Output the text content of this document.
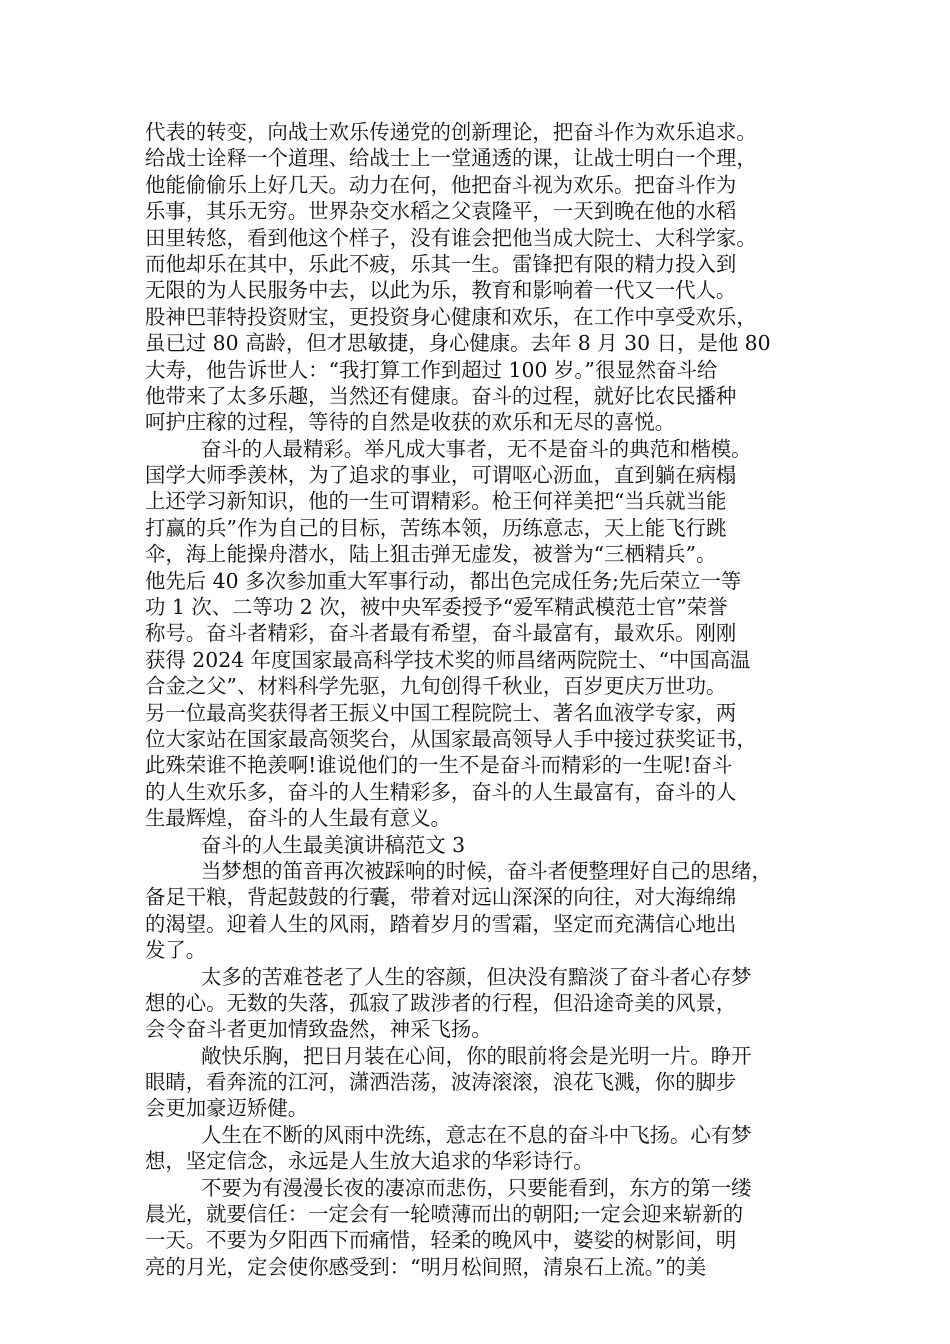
代表的转变，向战士欢乐传递党的创新理论，把奋斗作为欢乐追求。
给战士诠释一个道理、给战士上一堂通透的课，让战士明白一个理，
他能偷偷乐上好几天。动力在何，他把奋斗视为欢乐。把奋斗作为
乐事，其乐无穷。世界杂交水稻之父袁隆平，一天到晚在他的水稻
田里转悠，看到他这个样子，没有谁会把他当成大院士、大科学家。
而他却乐在其中，乐此不疲，乐其一生。雷锋把有限的精力投入到
无限的为人民服务中去，以此为乐，教育和影响着一代又一代人。
股神巴菲特投资财宝，更投资身心健康和欢乐，在工作中享受欢乐，
虽已过 80 高龄，但才思敏捷，身心健康。去年 8 月 30 日，是他 80
大寿，他告诉世人：“我打算工作到超过 100 岁。”很显然奋斗给
他带来了太多乐趣，当然还有健康。奋斗的过程，就好比农民播种
呵护庄稼的过程，等待的自然是收获的欢乐和无尽的喜悦。
奋斗的人最精彩。举凡成大事者，无不是奋斗的典范和楷模。
国学大师季羡林，为了追求的事业，可谓呕心沥血，直到躺在病榻
上还学习新知识，他的一生可谓精彩。枪王何祥美把“当兵就当能
打赢的兵”作为自己的目标，苦练本领，历练意志，天上能飞行跳
伞，海上能操舟潜水，陆上狙击弹无虚发，被誉为“三栖精兵”。
他先后 40 多次参加重大军事行动，都出色完成任务;先后荣立一等
功 1 次、二等功 2 次，被中央军委授予“爱军精武模范士官”荣誉
称号。奋斗者精彩，奋斗者最有希望，奋斗最富有，最欢乐。刚刚
获得 2024 年度国家最高科学技术奖的师昌绪两院院士、“中国高温
合金之父”、材料科学先驱，九旬创得千秋业，百岁更庆万世功。
另一位最高奖获得者王振义中国工程院院士、著名血液学专家，两
位大家站在国家最高领奖台，从国家最高领导人手中接过获奖证书，
此殊荣谁不艳羡啊!谁说他们的一生不是奋斗而精彩的一生呢!奋斗
的人生欢乐多，奋斗的人生精彩多，奋斗的人生最富有，奋斗的人
生最辉煌，奋斗的人生最有意义。
奋斗的人生最美演讲稿范文 3
当梦想的笛音再次被踩响的时候，奋斗者便整理好自己的思绪，
备足干粮，背起鼓鼓的行囊，带着对远山深深的向往，对大海绵绵
的渴望。迎着人生的风雨，踏着岁月的雪霜，坚定而充满信心地出
发了。
太多的苦难苍老了人生的容颜，但决没有黯淡了奋斗者心存梦
想的心。无数的失落，孤寂了跋涉者的行程，但沿途奇美的风景，
会令奋斗者更加情致盎然，神采飞扬。
敞快乐胸，把日月装在心间，你的眼前将会是光明一片。睁开
眼睛，看奔流的江河，潇洒浩荡，波涛滚滚，浪花飞溅，你的脚步
会更加豪迈矫健。
人生在不断的风雨中洗练，意志在不息的奋斗中飞扬。心有梦
想，坚定信念，永远是人生放大追求的华彩诗行。
不要为有漫漫长夜的凄凉而悲伤，只要能看到，东方的第一缕
晨光，就要信任：一定会有一轮喷薄而出的朝阳;一定会迎来崭新的
一天。不要为夕阳西下而痛惜，轻柔的晚风中，婆娑的树影间，明
亮的月光，定会使你感受到：“明月松间照，清泉石上流。”的美
